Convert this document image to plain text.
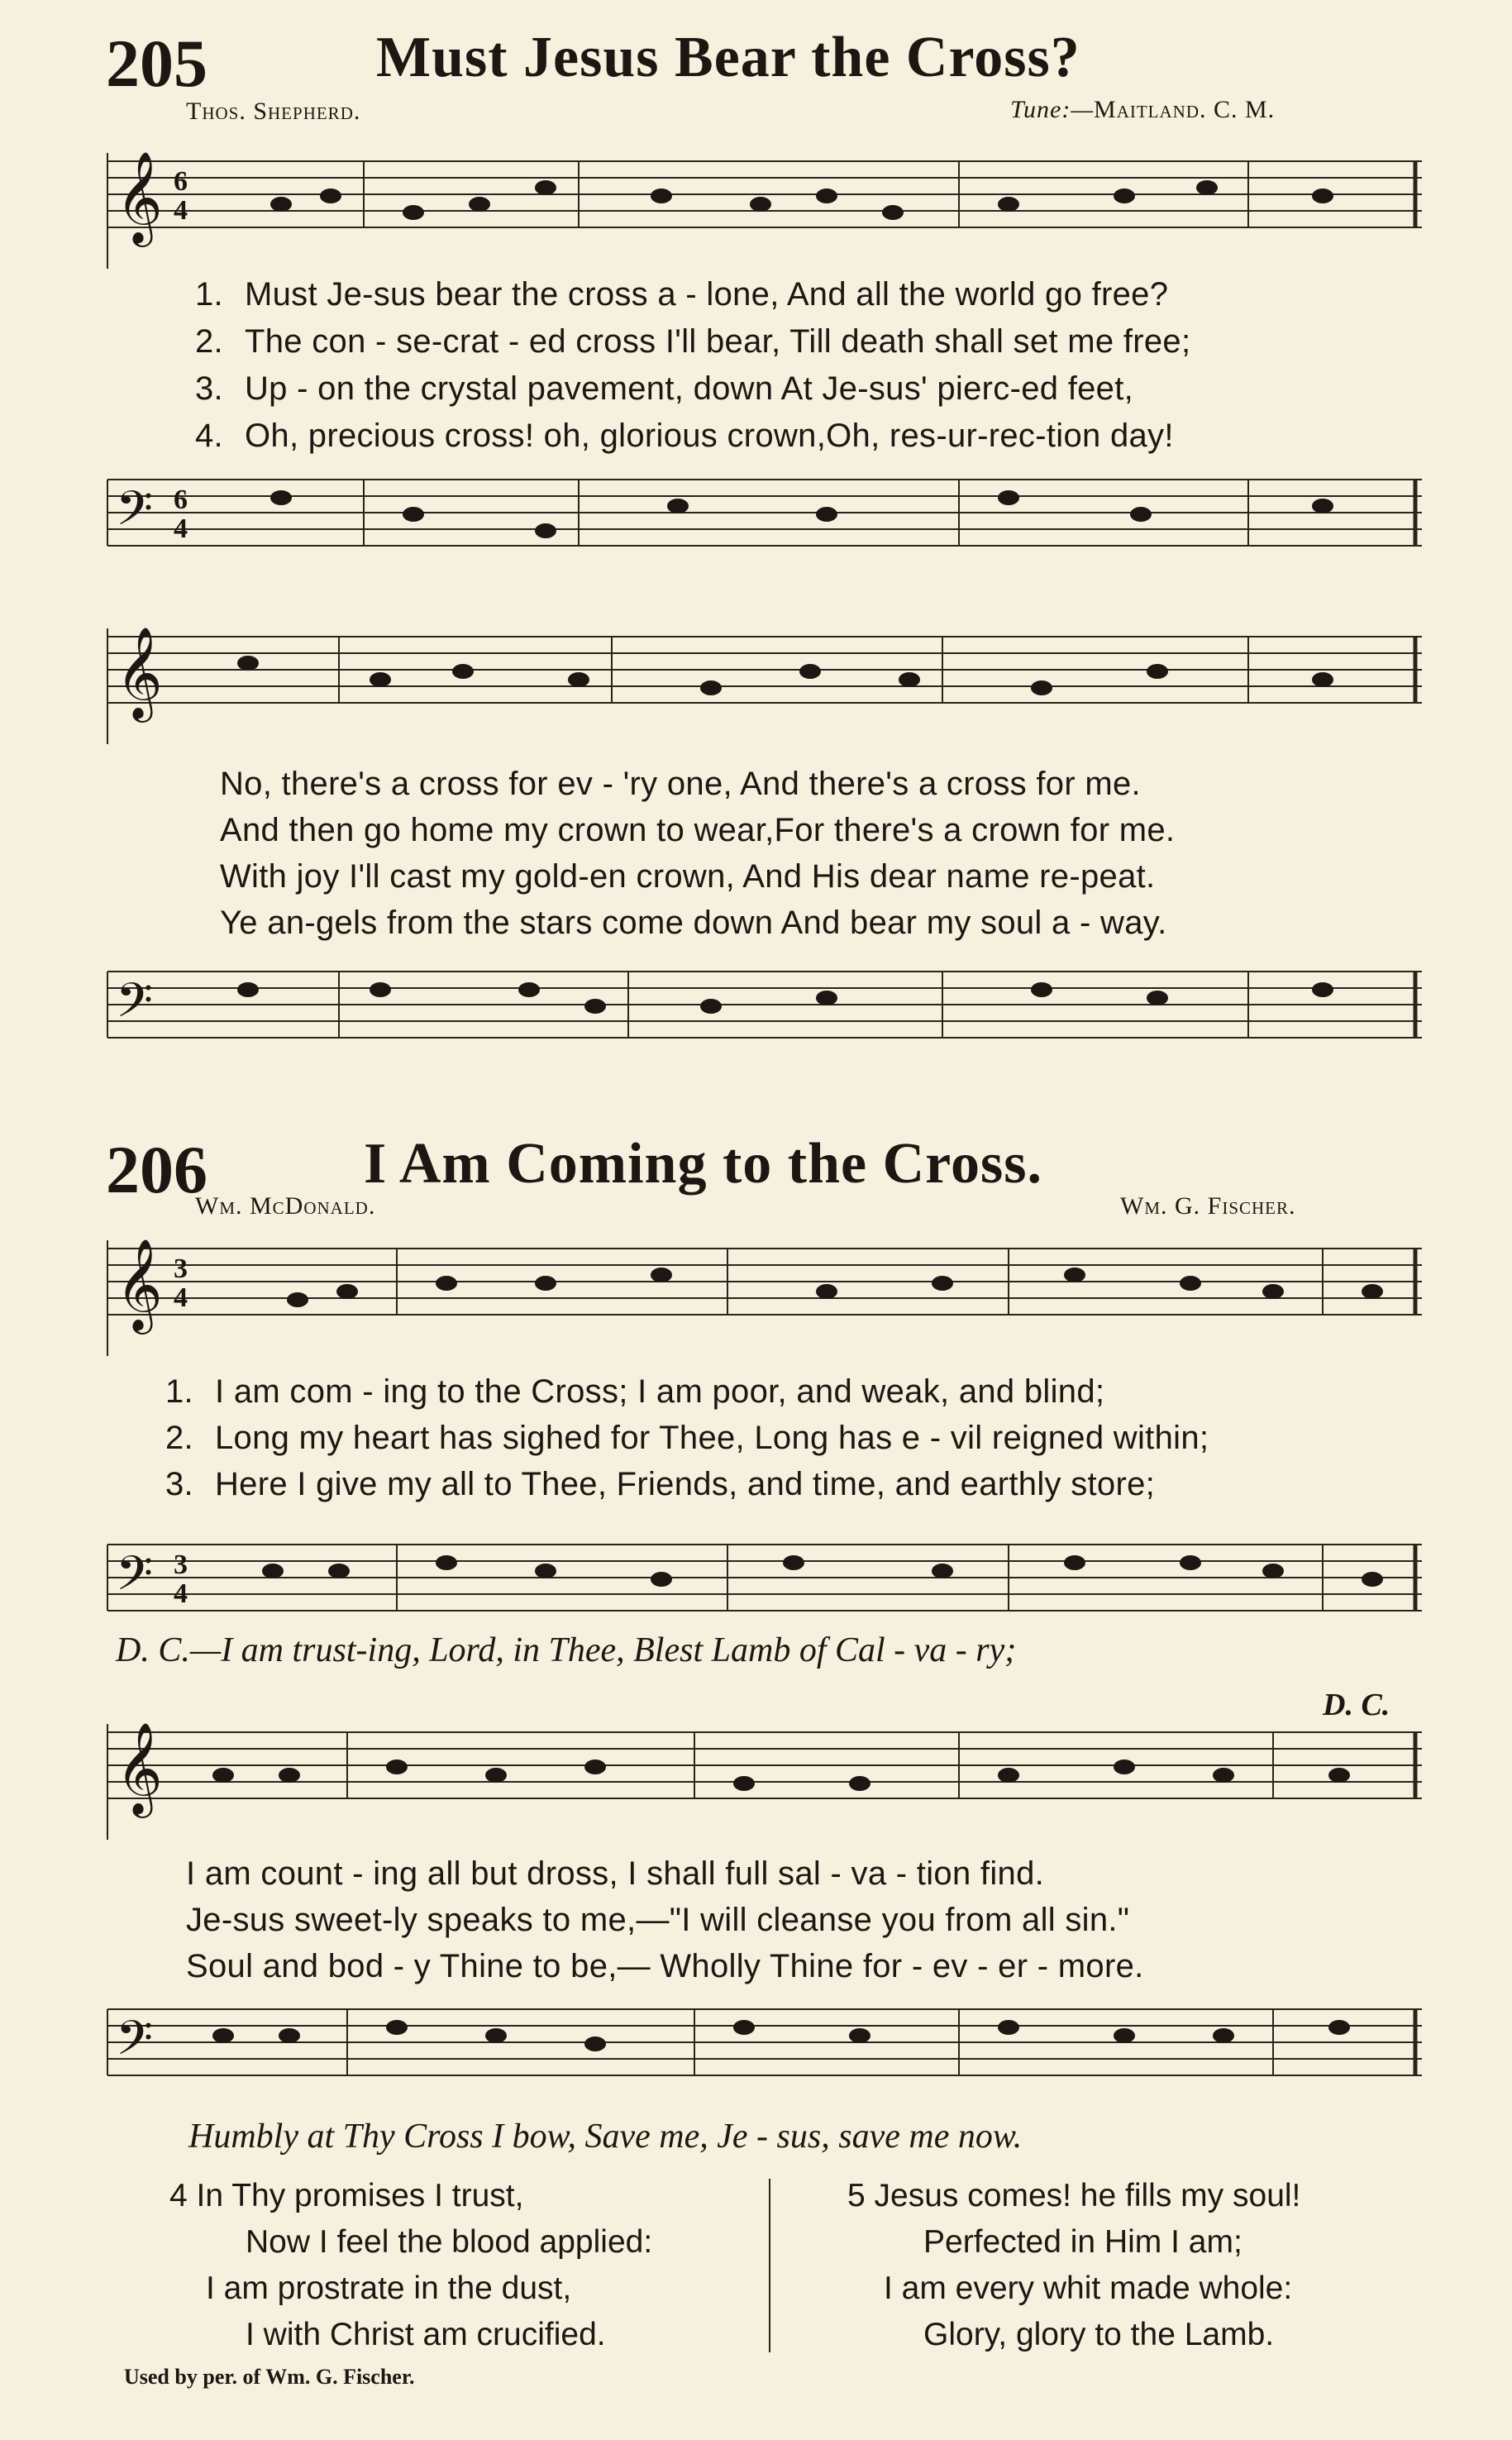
205	Must Jesus Bear the Cross?
Thos. Shepherd.	Tune:—Maitland. C. M.
𝄞 6
4
1. Must Je-sus bear the cross a - lone, And all the world go free?
2. The con - se-crat - ed cross I'll bear, Till death shall set me free;
3. Up - on the crystal pavement, down At Je-sus' pierc-ed feet,
4. Oh, precious cross! oh, glorious crown,Oh, res-ur-rec-tion day!
𝄢 6
4
𝄞
No, there's a cross for ev - 'ry one, And there's a cross for me.
And then go home my crown to wear,For there's a crown for me.
With joy I'll cast my gold-en crown, And His dear name re-peat.
Ye an-gels from the stars come down And bear my soul a - way.
𝄢
206	I Am Coming to the Cross.
Wm. McDonald.	Wm. G. Fischer.
𝄞 3
4
1. I am com - ing to the Cross; I am poor, and weak, and blind;
2. Long my heart has sighed for Thee, Long has e - vil reigned within;
3. Here I give my all to Thee, Friends, and time, and earthly store;
𝄢 3
4
D. C.—I am trust-ing, Lord, in Thee, Blest Lamb of Cal - va - ry;
D. C.
𝄞
I am count - ing all but dross, I shall full sal - va - tion find.
Je-sus sweet-ly speaks to me,—"I will cleanse you from all sin."
Soul and bod - y Thine to be,— Wholly Thine for - ev - er - more.
𝄢
Humbly at Thy Cross I bow, Save me, Je - sus, save me now.
4 In Thy promises I trust,
Now I feel the blood applied:
I am prostrate in the dust,
I with Christ am crucified.
5 Jesus comes! he fills my soul!
Perfected in Him I am;
I am every whit made whole:
Glory, glory to the Lamb.
Used by per. of Wm. G. Fischer.
